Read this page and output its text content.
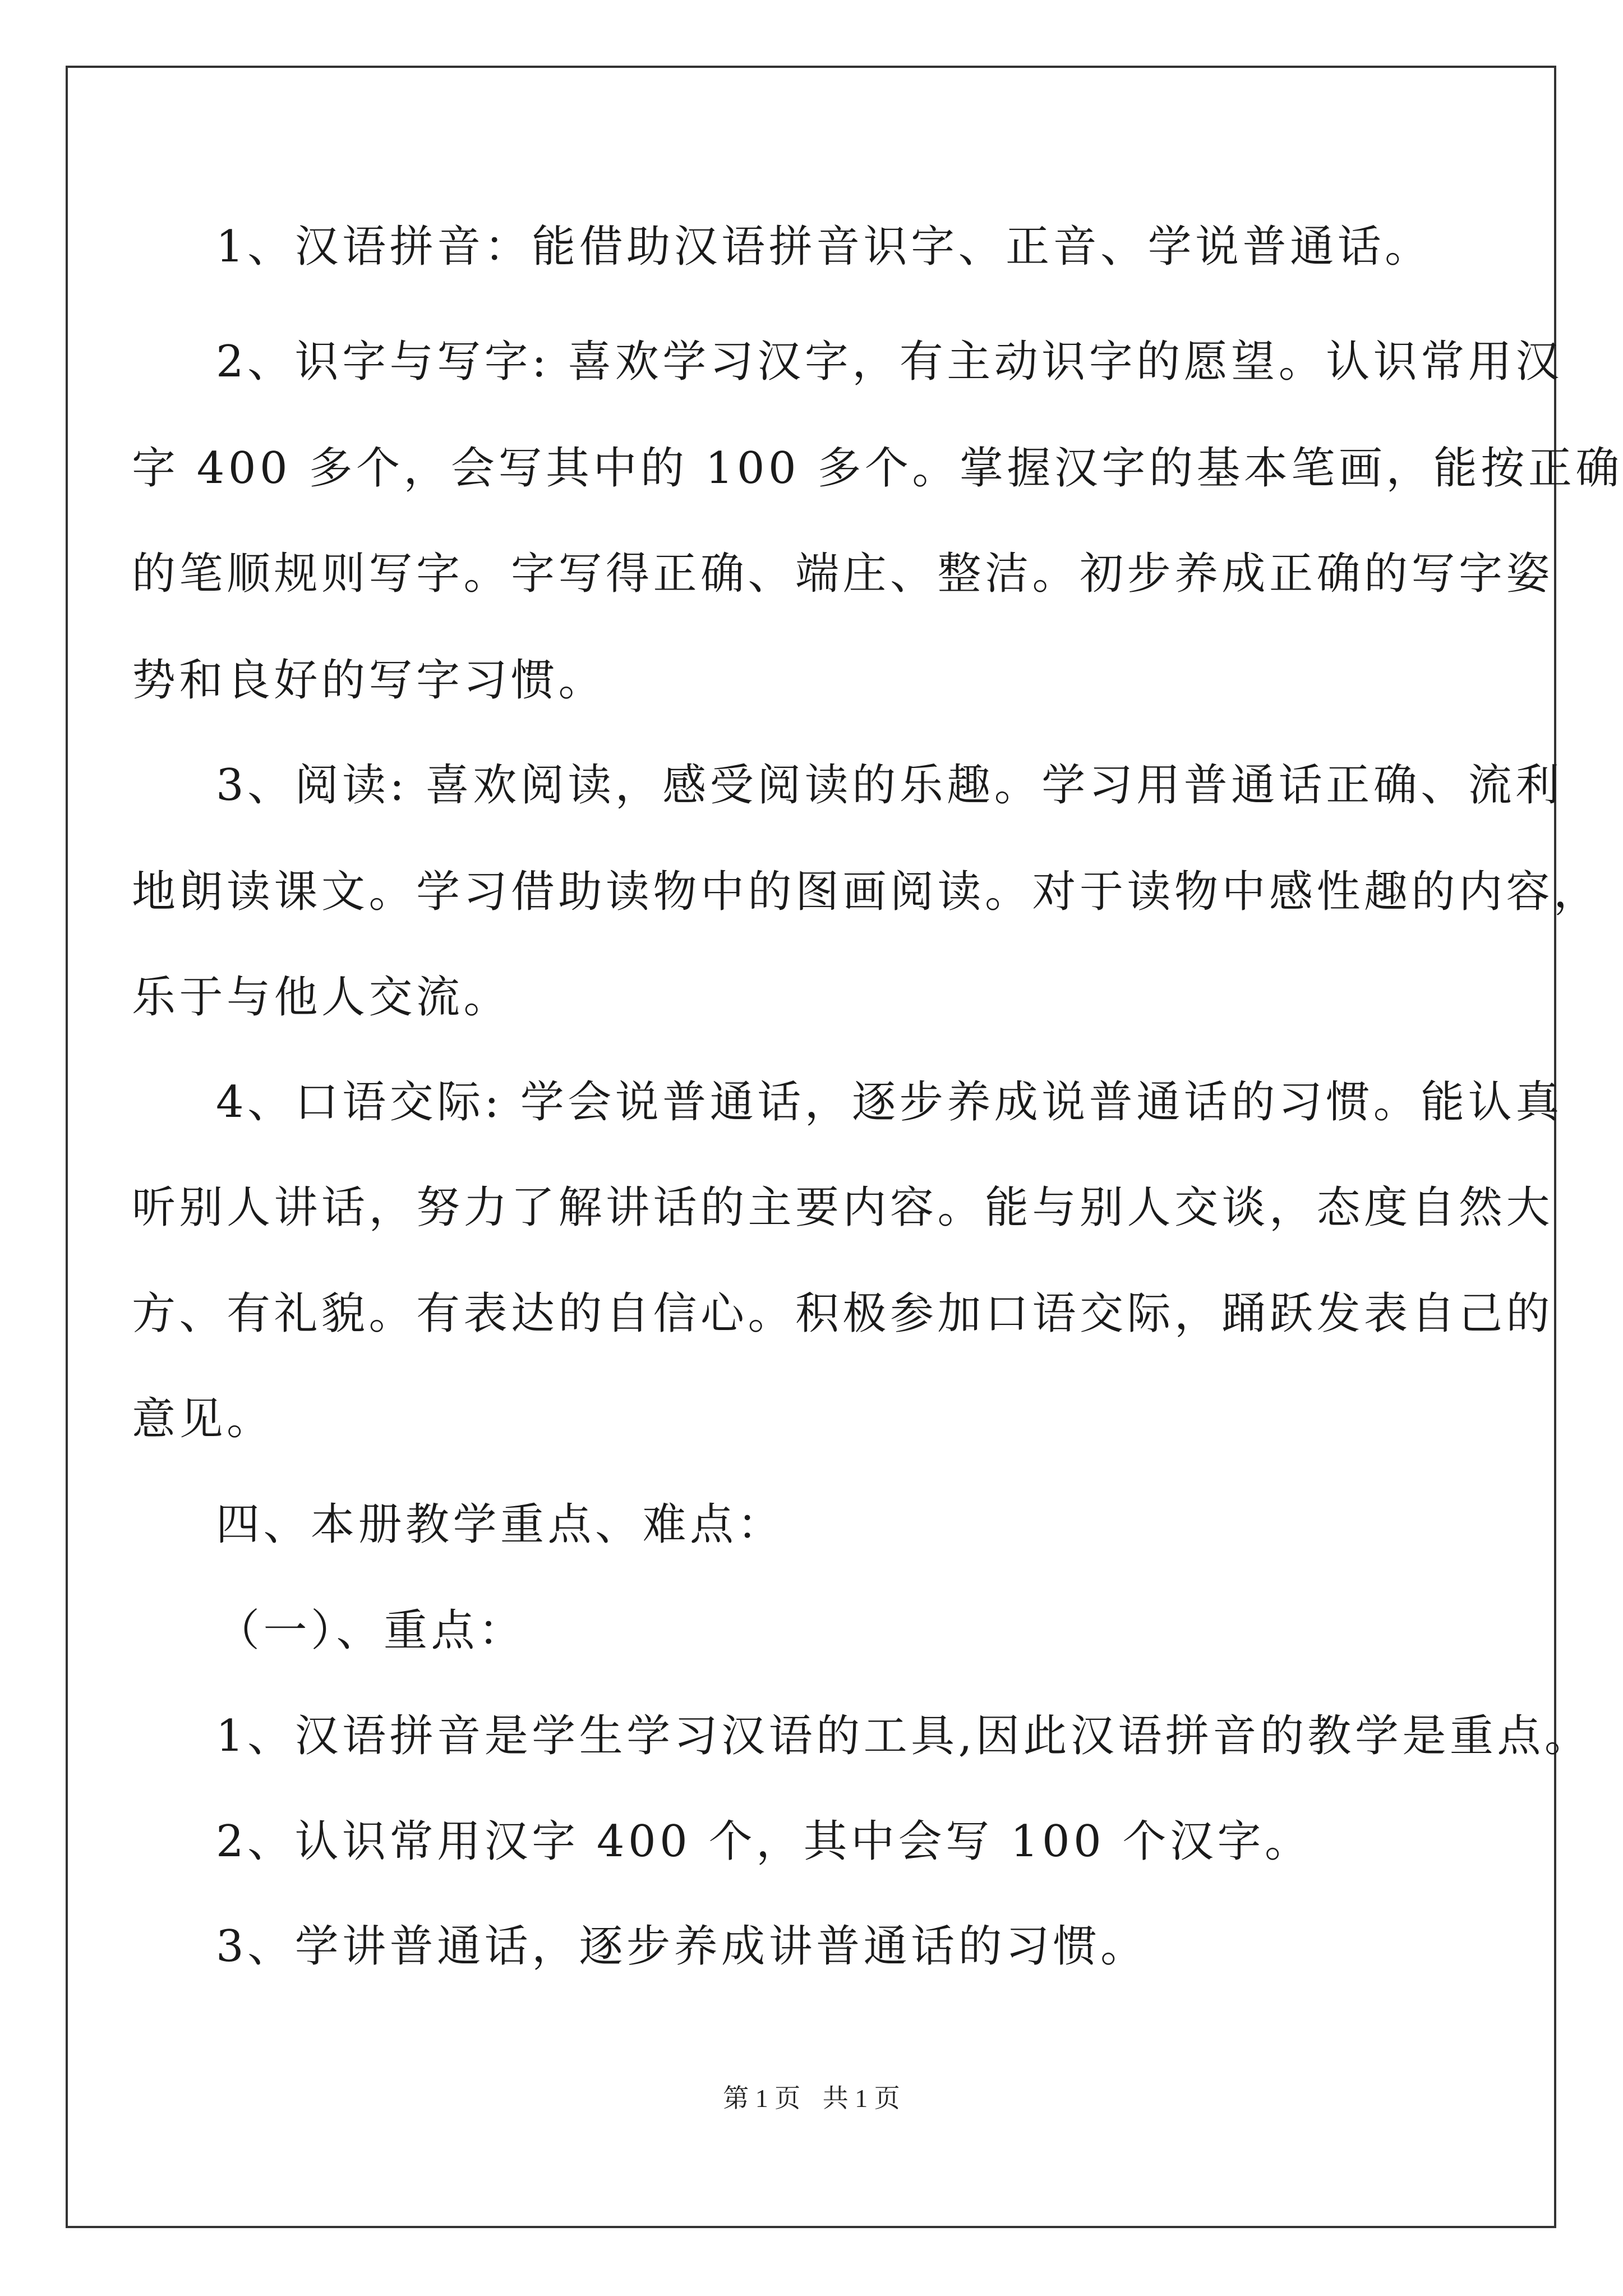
1、汉语拼音：能借助汉语拼音识字、正音、学说普通话。
2、识字与写字: 喜欢学习汉字，有主动识字的愿望。认识常用汉
字 400 多个，会写其中的 100 多个。掌握汉字的基本笔画，能按正确
的笔顺规则写字。字写得正确、端庄、整洁。初步养成正确的写字姿
势和良好的写字习惯。
3、阅读: 喜欢阅读，感受阅读的乐趣。学习用普通话正确、流利
地朗读课文。学习借助读物中的图画阅读。对于读物中感性趣的内容，
乐于与他人交流。
4、口语交际: 学会说普通话，逐步养成说普通话的习惯。能认真
听别人讲话，努力了解讲话的主要内容。能与别人交谈，态度自然大
方、有礼貌。有表达的自信心。积极参加口语交际，踊跃发表自己的
意见。
四、本册教学重点、难点：
（一）、重点：
1、汉语拼音是学生学习汉语的工具,因此汉语拼音的教学是重点。
2、认识常用汉字 400 个，其中会写 100 个汉字。
3、学讲普通话，逐步养成讲普通话的习惯。
第 1 页 共 1 页
